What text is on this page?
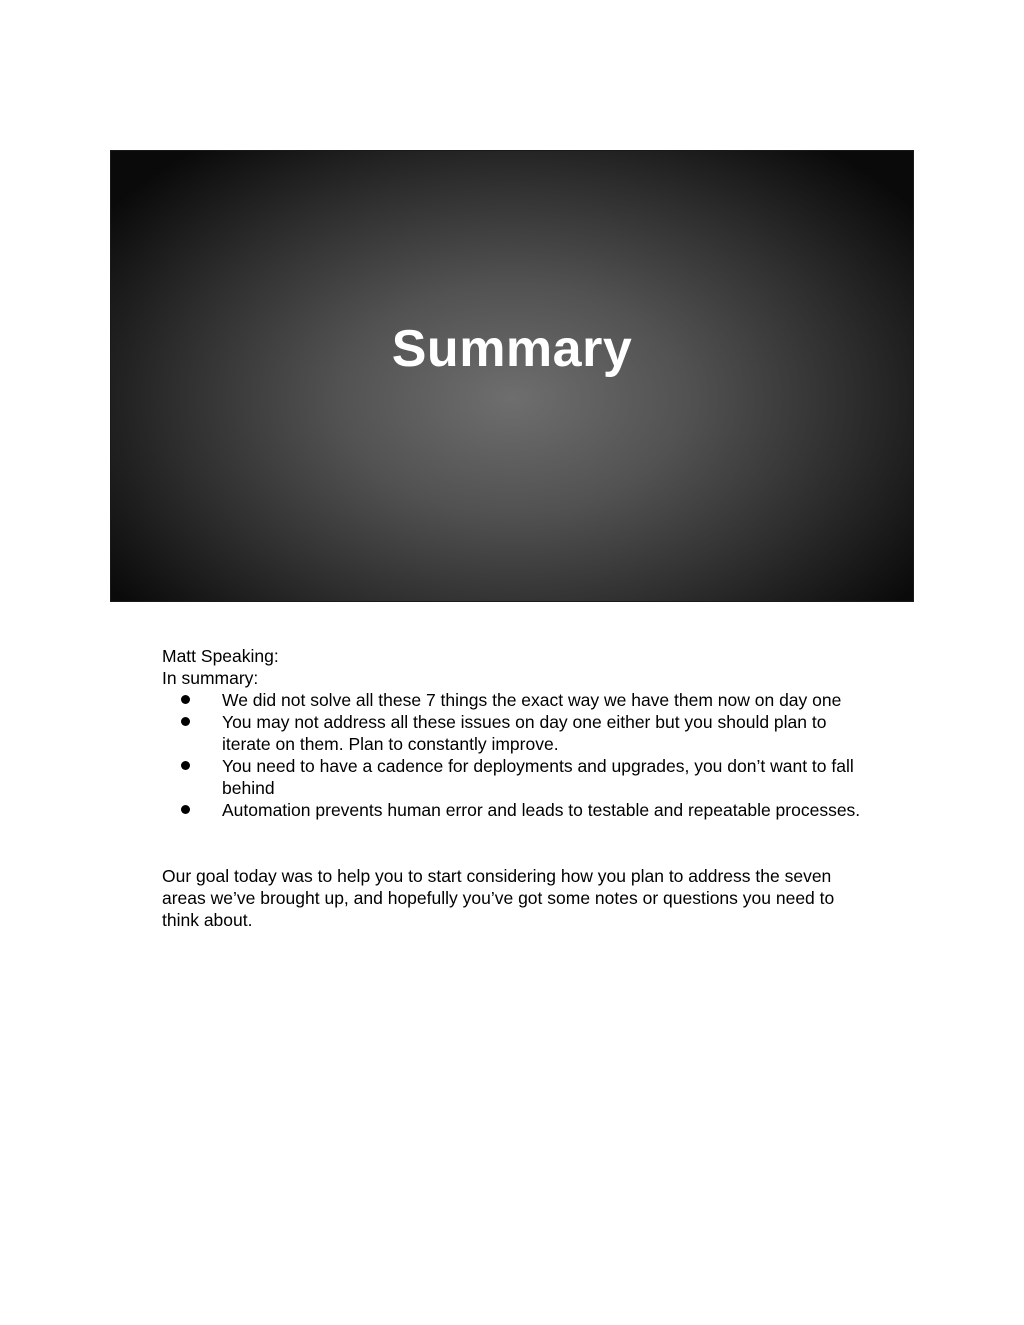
Summary

Matt Speaking:

In summary:

We did not solve all these 7 things the exact way we have them now on day one
You may not address all these issues on day one either but you should plan to iterate on them. Plan to constantly improve.
You need to have a cadence for deployments and upgrades, you don’t want to fall behind
Automation prevents human error and leads to testable and repeatable processes.

Our goal today was to help you to start considering how you plan to address the seven areas we’ve brought up, and hopefully you’ve got some notes or questions you need to think about.
